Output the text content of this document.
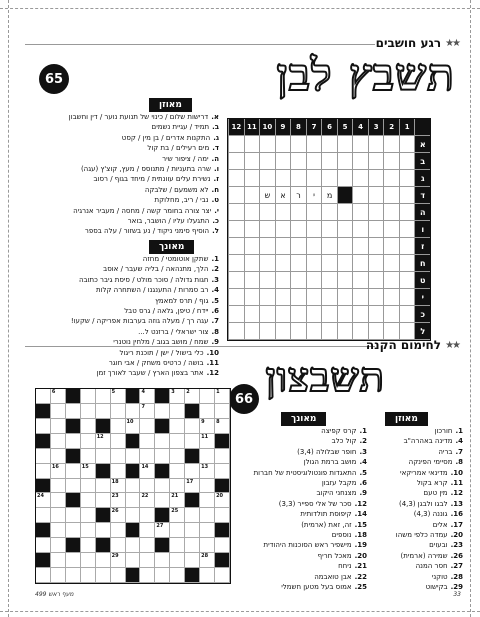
★★
רגע חושבים
65	תשבץ לבן
מאוזן
א.דרישות שלום / כינוי של תנועת נוער / דין וחשבון
ב.תמיד / עגיית נשמים
ג.התקנות אדרים / בן מין / קסט
ד.מים רעילים / בת קול
ה.ימה / ציפור שיר
ו.שרה בתעניות / מתנוסס / מעץ, קוצ'ץ (עגה)
ז.נשירת עלים עוונתית / מיחד בגוף / רסוב
ח.לא משמעם / שלבקה
ט.נבי / ריב, מחלוקת
י.יצר צורה בחומר קשה / מחסה / מעביר אנרגיה
כ.התגעלו עליו / הושבר, בואר
ל.הוסיף סימני ניקוד / נע בשזור / עלה בספר
מאונך
1.שתקן אוטומטי / מחזה
2.הלך, מתנהאה / בליה שעבר / אוסב
3.חגות גדולה / סוכר מולט / סיסת גיבר כתובה
4.רב סמרות / התענגנו / השתחרה קלות
5.גוף / תרס למאמץ
6.יידח / טיפן, גלאה / גרס טבל
7.עגה רך / מעלה גוזה בערבות אפריקה / שקעו!
8.צור ישראלי / ברזנט ל...
9.שמח / מושב בגוב / מלחין נוטנרי
10.כלי בישול / ישן / תוכנת ריגול
11.בושה / כרטיס משחק / אבי חוגר
12.אתר בצפון הארץ / שעבר לאורך זמן
1
2
3
4
5
6
7
8
9
10
11
12
א
ב
ג
ד
מ
י
ר
א
ש
ה
ו
ז
ח
ט
י
כ
ל
★★
לחימום הקנה
תשבצון
66
6	5	4	3 2	1
7
10	9 8
12	11
16	15	14	13
18	17
24	23	22	21	20
26	25
27
29	28
מאונך
1.קרס קפיצה
2.קול כלב
3.חופר שבלולה (3,4)
4.מושב ברמת הגולן
5.התאגדות פונטולוגיסטית של חברות
6.מקבל עזבון
9.מצנחני היקוב
12.סכר של אלי ספייר (3,3)
14.קיפוסת תולדותית
15.זה, זאת (ארמית)
18.נוספים
19.מישפיר ראש הסוכנות היהודית
20.מאכל חריף
21.ניחח
22.אבן טואבמה
25.אמוס בעל מטען חשמלי
מאוזן
1.חורכון
4.מדינה באהרה"ב
7.בריה
8.מסיימי הפינקה
10.מדינאי אמריקאי
11.קרא בקול
12.מין טעם
13.לבגו ולבגן (4,3)
16.גוננה (4,3)
17.אלים
20.עמדה כלפי משהו
23.ובעוים
26.שמירה (ארמית)
27.חסר המנה
28.טוקני
29.בקישוט
מעף ראש 499	33
